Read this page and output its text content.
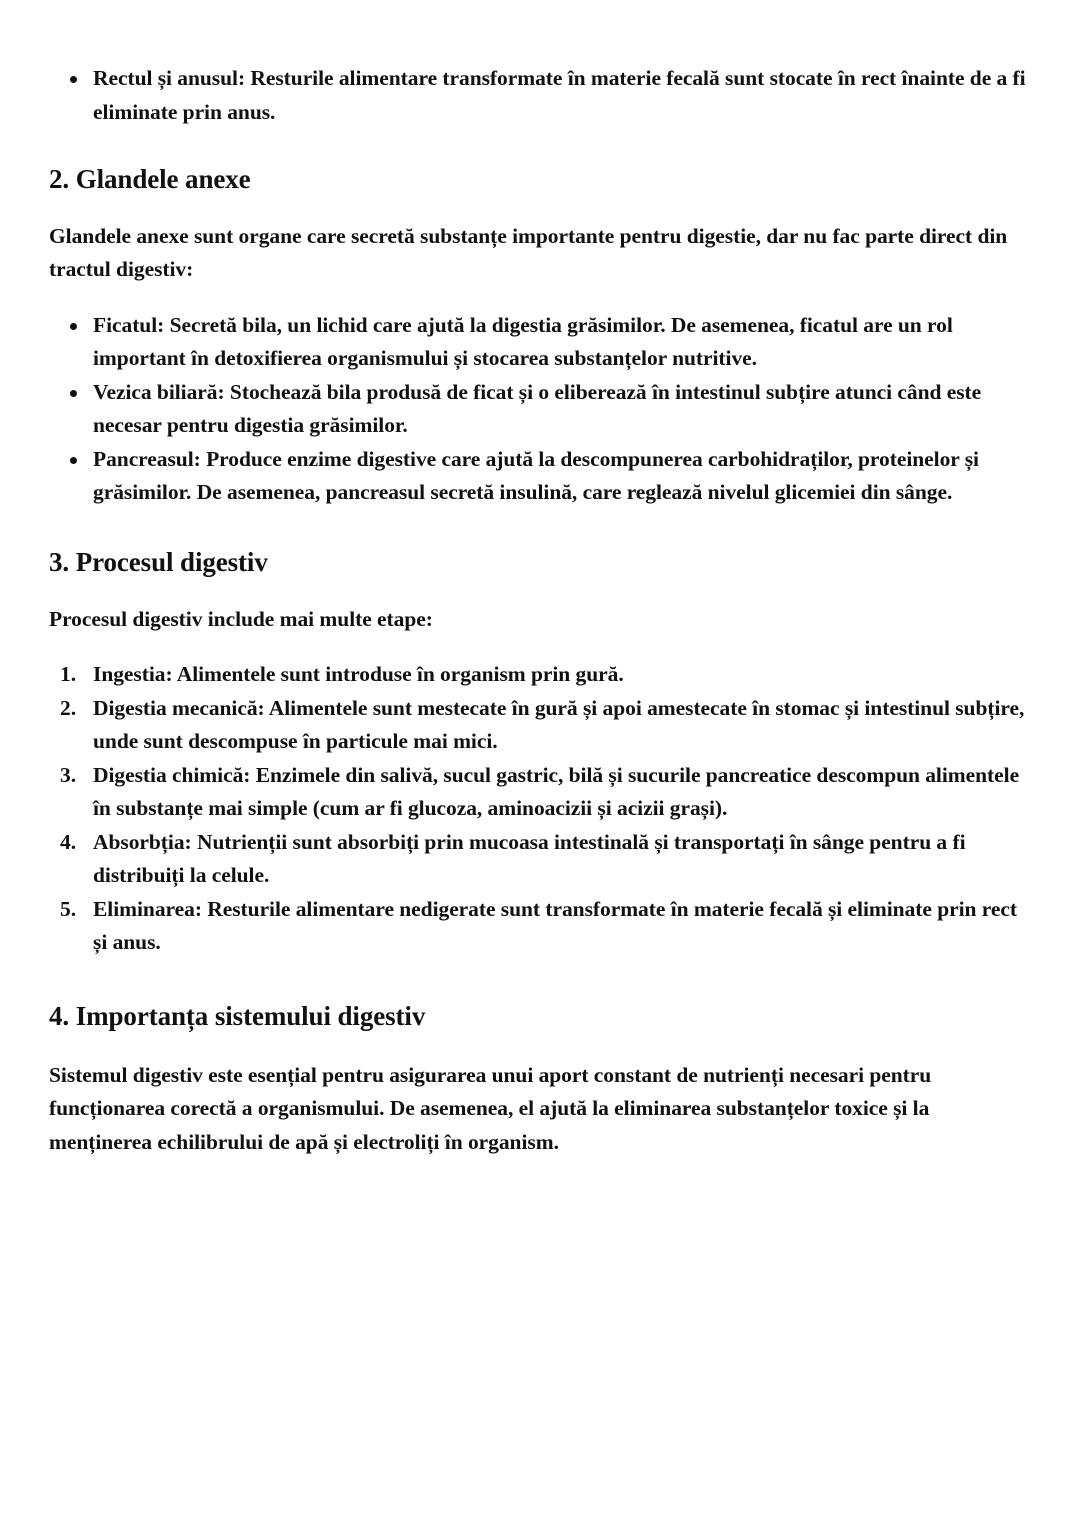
Rectul și anusul: Resturile alimentare transformate în materie fecală sunt stocate în rect înainte de a fi eliminate prin anus.
2. Glandele anexe

Glandele anexe sunt organe care secretă substanțe importante pentru digestie, dar nu fac parte direct din tractul digestiv:

Ficatul: Secretă bila, un lichid care ajută la digestia grăsimilor. De asemenea, ficatul are un rol important în detoxifierea organismului și stocarea substanțelor nutritive.
Vezica biliară: Stochează bila produsă de ficat și o eliberează în intestinul subțire atunci când este necesar pentru digestia grăsimilor.
Pancreasul: Produce enzime digestive care ajută la descompunerea carbohidraților, proteinelor și grăsimilor. De asemenea, pancreasul secretă insulină, care reglează nivelul glicemiei din sânge.
3. Procesul digestiv

Procesul digestiv include mai multe etape:

Ingestia: Alimentele sunt introduse în organism prin gură.
Digestia mecanică: Alimentele sunt mestecate în gură și apoi amestecate în stomac și intestinul subțire, unde sunt descompuse în particule mai mici.
Digestia chimică: Enzimele din salivă, sucul gastric, bilă și sucurile pancreatice descompun alimentele în substanțe mai simple (cum ar fi glucoza, aminoacizii și acizii grași).
Absorbția: Nutrienții sunt absorbiți prin mucoasa intestinală și transportați în sânge pentru a fi distribuiți la celule.
Eliminarea: Resturile alimentare nedigerate sunt transformate în materie fecală și eliminate prin rect și anus.
4. Importanța sistemului digestiv

Sistemul digestiv este esențial pentru asigurarea unui aport constant de nutrienți necesari pentru funcționarea corectă a organismului. De asemenea, el ajută la eliminarea substanțelor toxice și la menținerea echilibrului de apă și electroliți în organism.
